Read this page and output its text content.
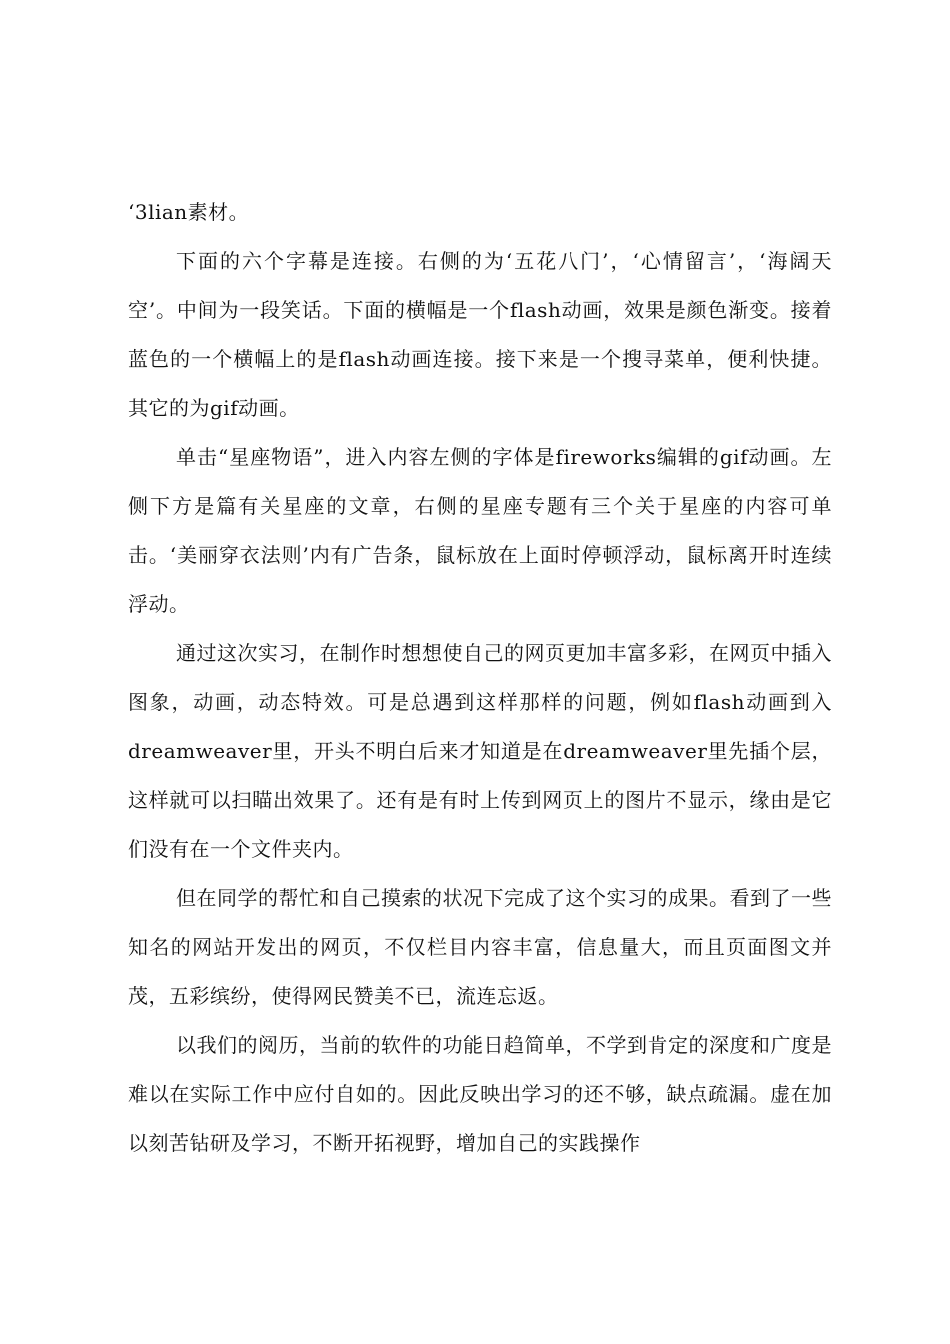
‘3lian素材。

下面的六个字幕是连接。右侧的为‘五花八门’，‘心情留言’，‘海阔天空’。中间为一段笑话。下面的横幅是一个flash动画，效果是颜色渐变。接着蓝色的一个横幅上的是flash动画连接。接下来是一个搜寻菜单，便利快捷。其它的为gif动画。

单击“星座物语”，进入内容左侧的字体是fireworks编辑的gif动画。左侧下方是篇有关星座的文章，右侧的星座专题有三个关于星座的内容可单击。‘美丽穿衣法则’内有广告条，鼠标放在上面时停顿浮动，鼠标离开时连续浮动。

通过这次实习，在制作时想想使自己的网页更加丰富多彩，在网页中插入图象，动画，动态特效。可是总遇到这样那样的问题，例如flash动画到入dreamweaver里，开头不明白后来才知道是在dreamweaver里先插个层，这样就可以扫瞄出效果了。还有是有时上传到网页上的图片不显示，缘由是它们没有在一个文件夹内。

但在同学的帮忙和自己摸索的状况下完成了这个实习的成果。看到了一些知名的网站开发出的网页，不仅栏目内容丰富，信息量大，而且页面图文并茂，五彩缤纷，使得网民赞美不已，流连忘返。

以我们的阅历，当前的软件的功能日趋简单，不学到肯定的深度和广度是难以在实际工作中应付自如的。因此反映出学习的还不够，缺点疏漏。虚在加以刻苦钻研及学习，不断开拓视野，增加自己的实践操作
